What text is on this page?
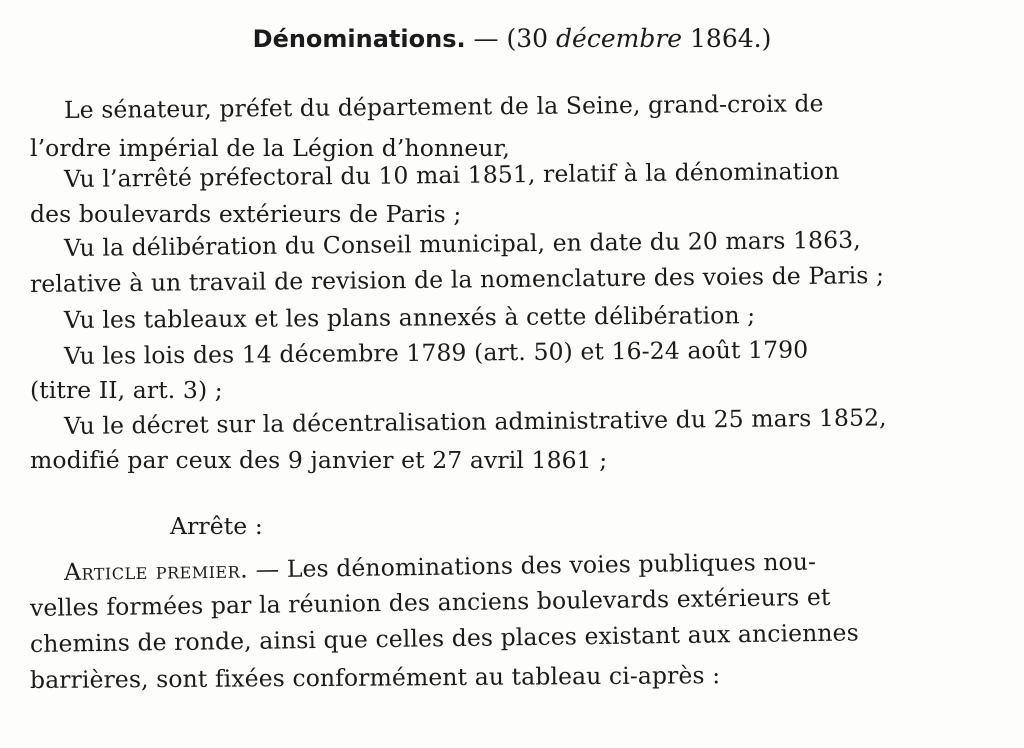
Dénominations. — (30 décembre 1864.)
Le sénateur, préfet du département de la Seine, grand-croix de
l’ordre impérial de la Légion d’honneur,
Vu l’arrêté préfectoral du 10 mai 1851, relatif à la dénomination
des boulevards extérieurs de Paris ;
Vu la délibération du Conseil municipal, en date du 20 mars 1863,
relative à un travail de revision de la nomenclature des voies de Paris ;
Vu les tableaux et les plans annexés à cette délibération ;
Vu les lois des 14 décembre 1789 (art. 50) et 16-24 août 1790
(titre II, art. 3) ;
Vu le décret sur la décentralisation administrative du 25 mars 1852,
modifié par ceux des 9 janvier et 27 avril 1861 ;
Arrête :
Article premier. — Les dénominations des voies publiques nou-
velles formées par la réunion des anciens boulevards extérieurs et
chemins de ronde, ainsi que celles des places existant aux anciennes
barrières, sont fixées conformément au tableau ci-après :
